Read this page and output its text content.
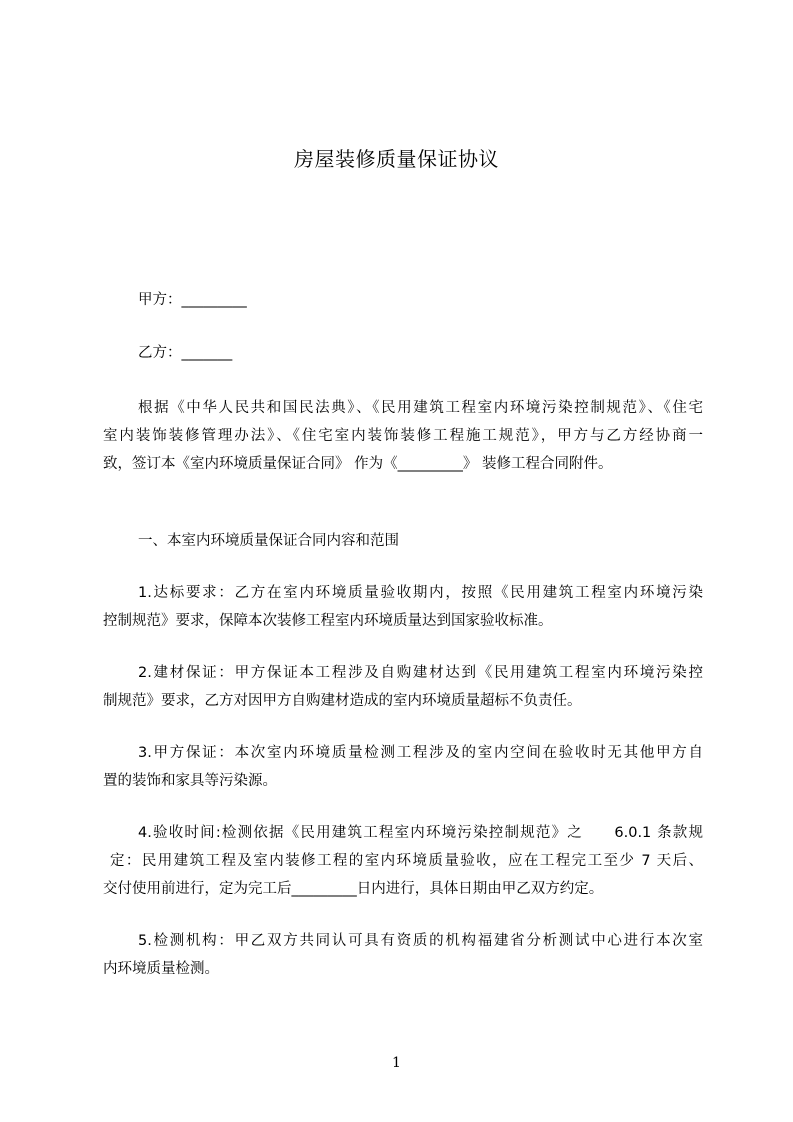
房屋装修质量保证协议
甲方：_________
乙方：_______
根据《中华人民共和国民法典》、《民用建筑工程室内环境污染控制规范》、《住宅
室内装饰装修管理办法》、《住宅室内装饰装修工程施工规范》，甲方与乙方经协商一
致，签订本《室内环境质量保证合同》 作为《_________》 装修工程合同附件。
一、本室内环境质量保证合同内容和范围
1.达标要求：乙方在室内环境质量验收期内，按照《民用建筑工程室内环境污染
控制规范》要求，保障本次装修工程室内环境质量达到国家验收标准。
2.建材保证：甲方保证本工程涉及自购建材达到《民用建筑工程室内环境污染控
制规范》要求，乙方对因甲方自购建材造成的室内环境质量超标不负责任。
3.甲方保证：本次室内环境质量检测工程涉及的室内空间在验收时无其他甲方自
置的装饰和家具等污染源。
4.验收时间:检测依据《民用建筑工程室内环境污染控制规范》之　　6.0.1 条款规
定：民用建筑工程及室内装修工程的室内环境质量验收，应在工程完工至少 7 天后、
交付使用前进行，定为完工后_________日内进行，具体日期由甲乙双方约定。
5.检测机构：甲乙双方共同认可具有资质的机构福建省分析测试中心进行本次室
内环境质量检测。
1
